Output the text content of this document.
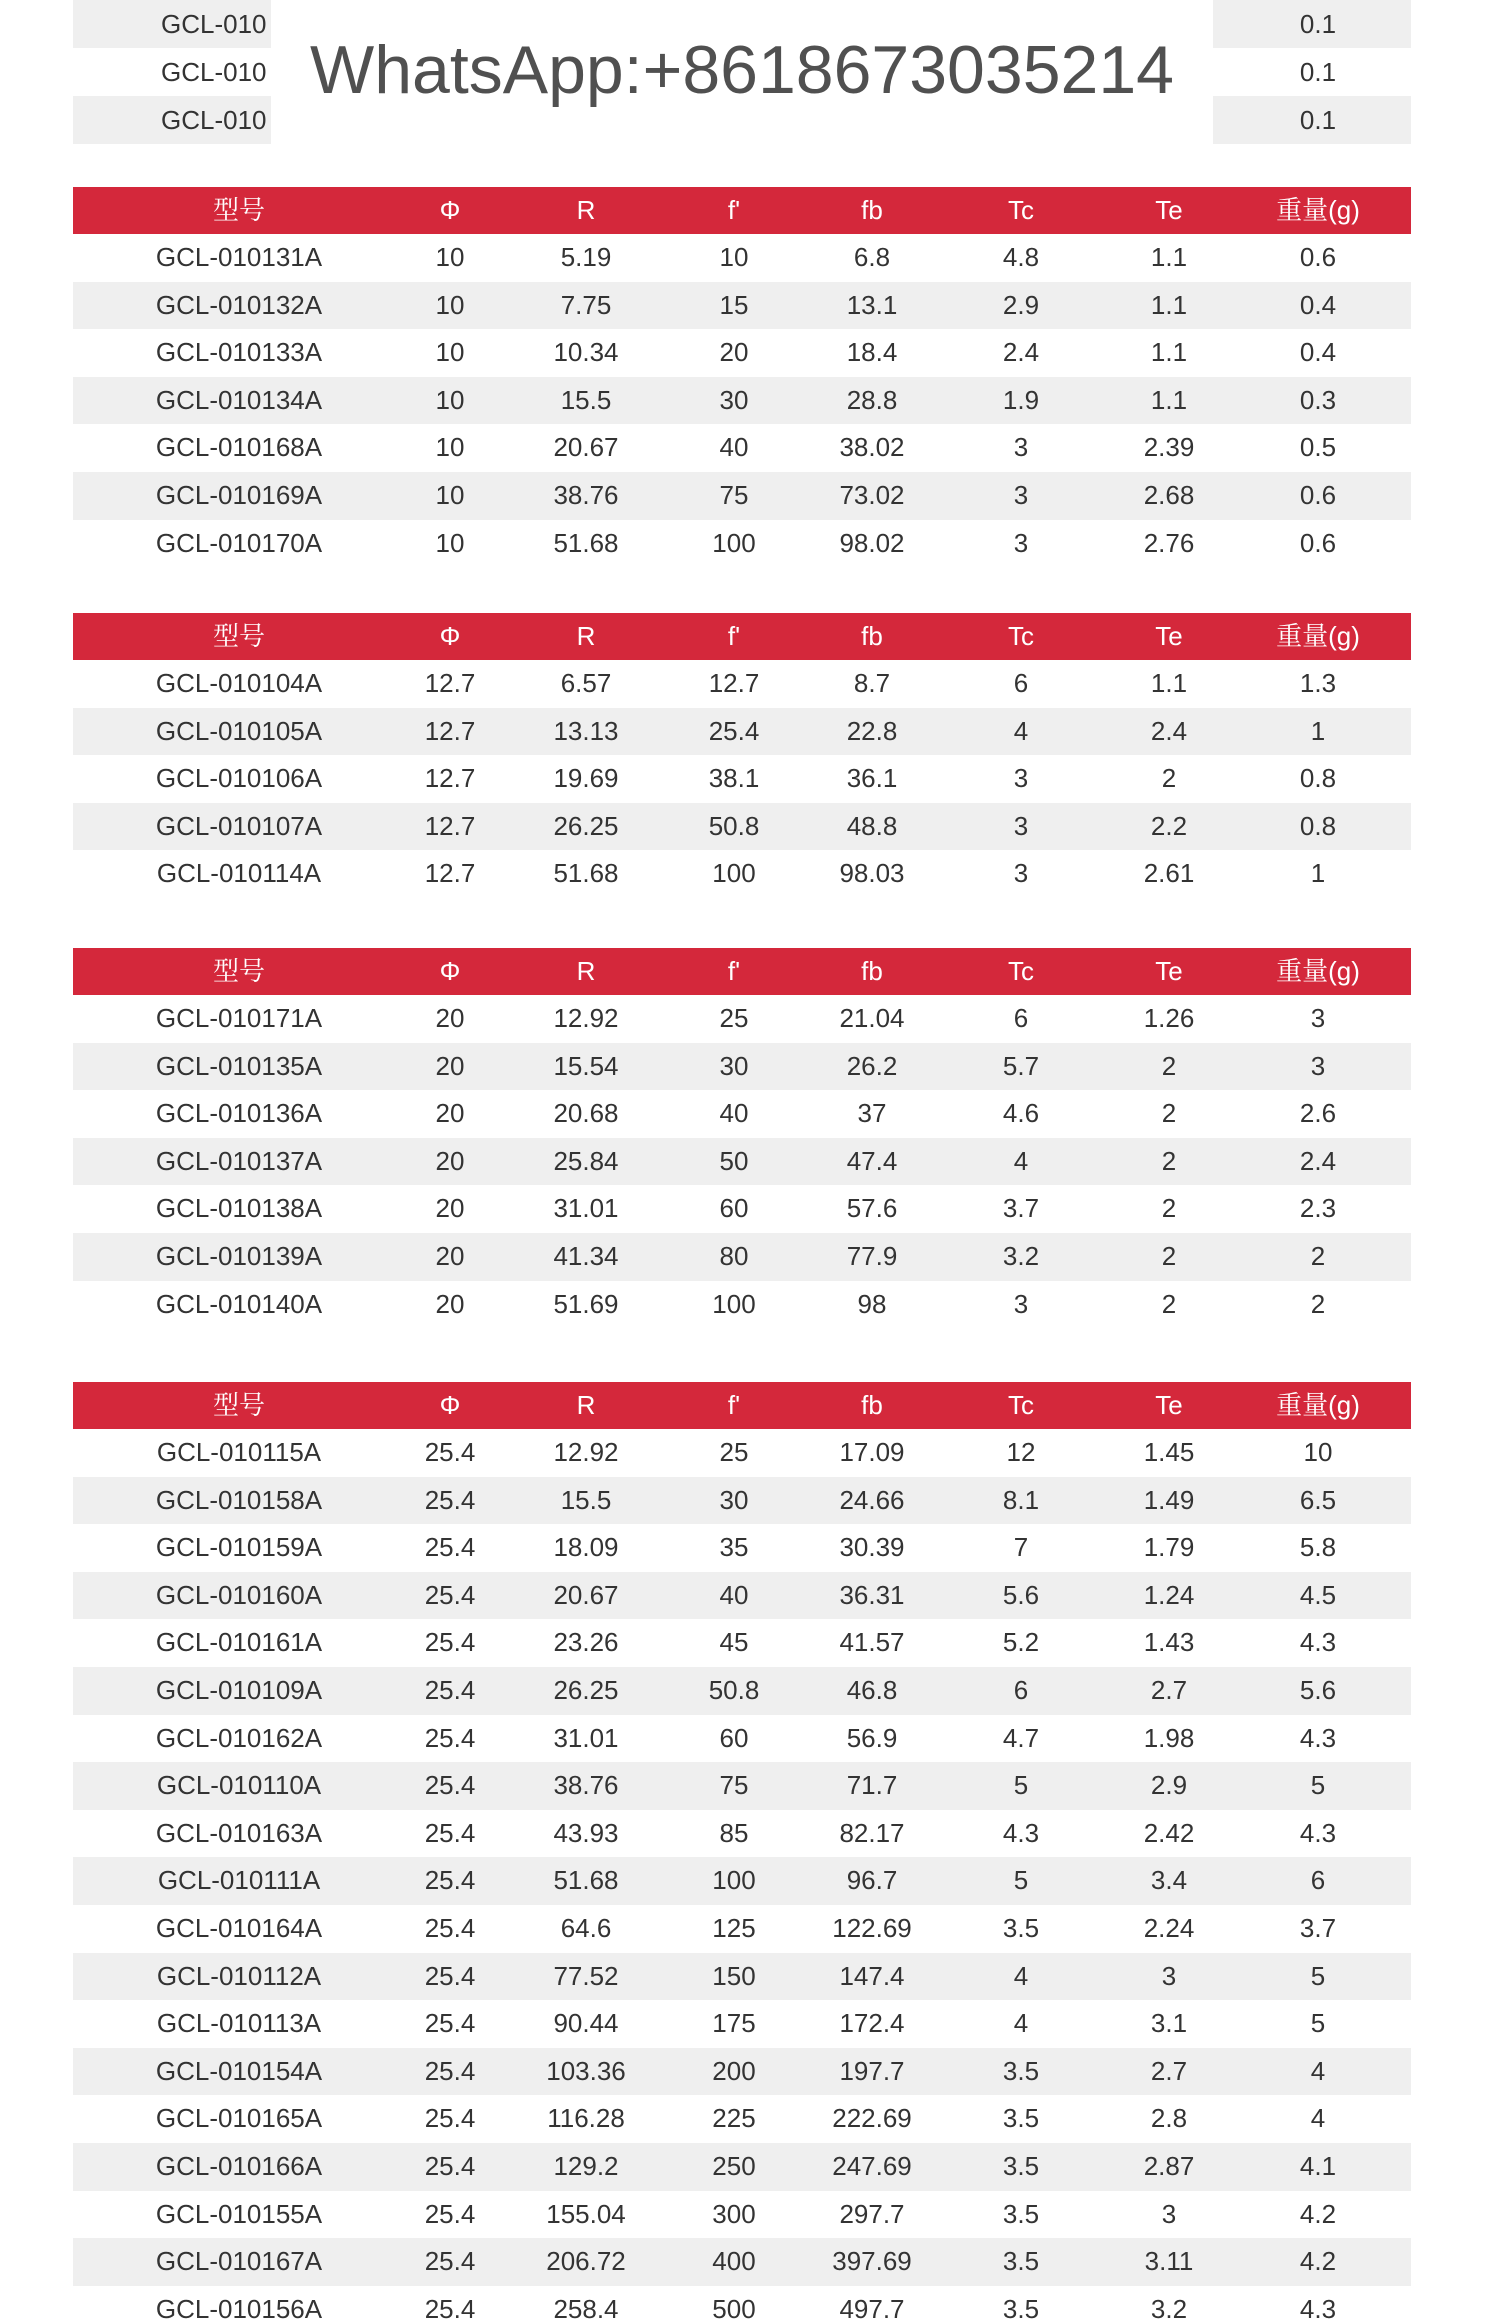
GCL-010	0.1
GCL-010	0.1
GCL-010	0.1
WhatsApp:+8618673035214
型号	Φ	R	f'	fb	Tc	Te	重量(g)
GCL-010131A	10	5.19	10	6.8	4.8	1.1	0.6
GCL-010132A	10	7.75	15	13.1	2.9	1.1	0.4
GCL-010133A	10	10.34	20	18.4	2.4	1.1	0.4
GCL-010134A	10	15.5	30	28.8	1.9	1.1	0.3
GCL-010168A	10	20.67	40	38.02	3	2.39	0.5
GCL-010169A	10	38.76	75	73.02	3	2.68	0.6
GCL-010170A	10	51.68	100	98.02	3	2.76	0.6
型号	Φ	R	f'	fb	Tc	Te	重量(g)
GCL-010104A	12.7	6.57	12.7	8.7	6	1.1	1.3
GCL-010105A	12.7	13.13	25.4	22.8	4	2.4	1
GCL-010106A	12.7	19.69	38.1	36.1	3	2	0.8
GCL-010107A	12.7	26.25	50.8	48.8	3	2.2	0.8
GCL-010114A	12.7	51.68	100	98.03	3	2.61	1
型号	Φ	R	f'	fb	Tc	Te	重量(g)
GCL-010171A	20	12.92	25	21.04	6	1.26	3
GCL-010135A	20	15.54	30	26.2	5.7	2	3
GCL-010136A	20	20.68	40	37	4.6	2	2.6
GCL-010137A	20	25.84	50	47.4	4	2	2.4
GCL-010138A	20	31.01	60	57.6	3.7	2	2.3
GCL-010139A	20	41.34	80	77.9	3.2	2	2
GCL-010140A	20	51.69	100	98	3	2	2
型号	Φ	R	f'	fb	Tc	Te	重量(g)
GCL-010115A	25.4	12.92	25	17.09	12	1.45	10
GCL-010158A	25.4	15.5	30	24.66	8.1	1.49	6.5
GCL-010159A	25.4	18.09	35	30.39	7	1.79	5.8
GCL-010160A	25.4	20.67	40	36.31	5.6	1.24	4.5
GCL-010161A	25.4	23.26	45	41.57	5.2	1.43	4.3
GCL-010109A	25.4	26.25	50.8	46.8	6	2.7	5.6
GCL-010162A	25.4	31.01	60	56.9	4.7	1.98	4.3
GCL-010110A	25.4	38.76	75	71.7	5	2.9	5
GCL-010163A	25.4	43.93	85	82.17	4.3	2.42	4.3
GCL-010111A	25.4	51.68	100	96.7	5	3.4	6
GCL-010164A	25.4	64.6	125	122.69	3.5	2.24	3.7
GCL-010112A	25.4	77.52	150	147.4	4	3	5
GCL-010113A	25.4	90.44	175	172.4	4	3.1	5
GCL-010154A	25.4	103.36	200	197.7	3.5	2.7	4
GCL-010165A	25.4	116.28	225	222.69	3.5	2.8	4
GCL-010166A	25.4	129.2	250	247.69	3.5	2.87	4.1
GCL-010155A	25.4	155.04	300	297.7	3.5	3	4.2
GCL-010167A	25.4	206.72	400	397.69	3.5	3.11	4.2
GCL-010156A	25.4	258.4	500	497.7	3.5	3.2	4.3
